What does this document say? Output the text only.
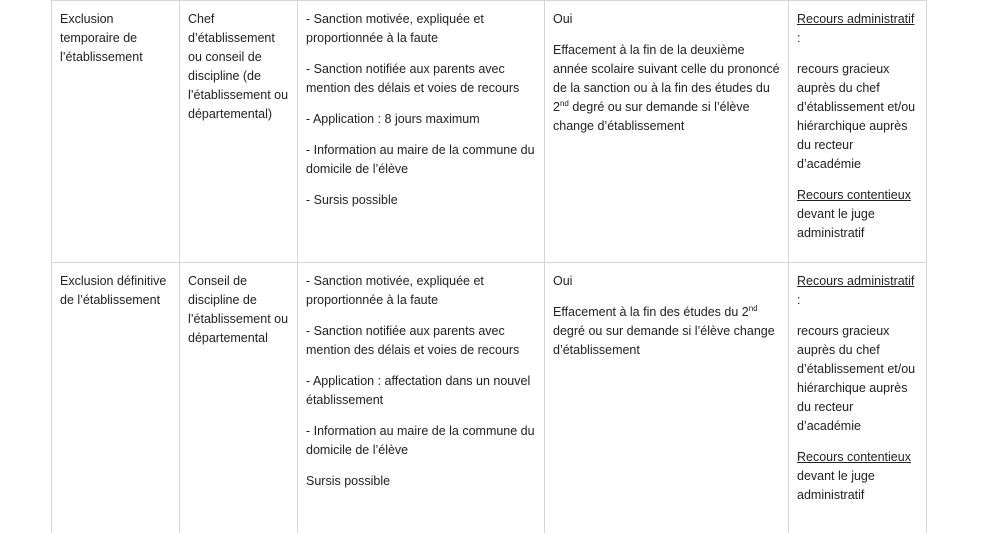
Exclusion temporaire de l’établissement

Chef d’établissement ou conseil de discipline (de l’établissement ou départemental)

- Sanction motivée, expliquée et proportionnée à la faute

- Sanction notifiée aux parents avec mention des délais et voies de recours

- Application : 8 jours maximum

- Information au maire de la commune du domicile de l’élève

- Sursis possible

Oui

Effacement à la fin de la deuxième année scolaire suivant celle du prononcé de la sanction ou à la fin des études du 2nd degré ou sur demande si l’élève change d’établissement

Recours administratif :

recours gracieux auprès du chef d’établissement et/ou hiérarchique auprès du recteur d’académie

Recours contentieux
devant le juge administratif

Exclusion définitive de l’établissement

Conseil de discipline de l’établissement ou départemental

- Sanction motivée, expliquée et proportionnée à la faute

- Sanction notifiée aux parents avec mention des délais et voies de recours

- Application : affectation dans un nouvel établissement

- Information au maire de la commune du domicile de l’élève

Sursis possible

Oui

Effacement à la fin des études du 2nd degré ou sur demande si l’élève change d’établissement

Recours administratif :

recours gracieux auprès du chef d’établissement et/ou hiérarchique auprès du recteur d’académie

Recours contentieux
devant le juge administratif
